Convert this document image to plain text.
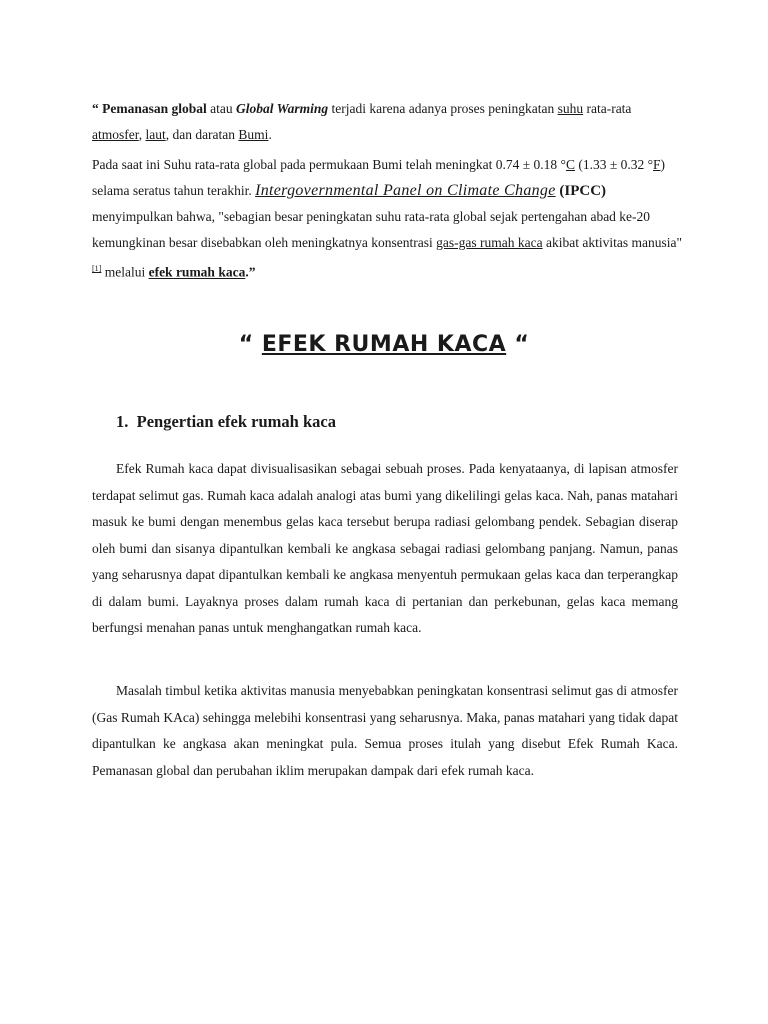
“ Pemanasan global atau Global Warming terjadi karena adanya proses peningkatan suhu rata-rata atmosfer, laut, dan daratan Bumi.

Pada saat ini Suhu rata-rata global pada permukaan Bumi telah meningkat 0.74 ± 0.18 °C (1.33 ± 0.32 °F) selama seratus tahun terakhir. Intergovernmental Panel on Climate Change (IPCC) menyimpulkan bahwa, "sebagian besar peningkatan suhu rata-rata global sejak pertengahan abad ke-20 kemungkinan besar disebabkan oleh meningkatnya konsentrasi gas-gas rumah kaca akibat aktivitas manusia"[1] melalui efek rumah kaca.”

“ EFEK RUMAH KACA “
1. Pengertian efek rumah kaca

Efek Rumah kaca dapat divisualisasikan sebagai sebuah proses. Pada kenyataanya, di lapisan atmosfer terdapat selimut gas. Rumah kaca adalah analogi atas bumi yang dikelilingi gelas kaca. Nah, panas matahari masuk ke bumi dengan menembus gelas kaca tersebut berupa radiasi gelombang pendek. Sebagian diserap oleh bumi dan sisanya dipantulkan kembali ke angkasa sebagai radiasi gelombang panjang. Namun, panas yang seharusnya dapat dipantulkan kembali ke angkasa menyentuh permukaan gelas kaca dan terperangkap di dalam bumi. Layaknya proses dalam rumah kaca di pertanian dan perkebunan, gelas kaca memang berfungsi menahan panas untuk menghangatkan rumah kaca.

Masalah timbul ketika aktivitas manusia menyebabkan peningkatan konsentrasi selimut gas di atmosfer (Gas Rumah KAca) sehingga melebihi konsentrasi yang seharusnya. Maka, panas matahari yang tidak dapat dipantulkan ke angkasa akan meningkat pula. Semua proses itulah yang disebut Efek Rumah Kaca. Pemanasan global dan perubahan iklim merupakan dampak dari efek rumah kaca.
